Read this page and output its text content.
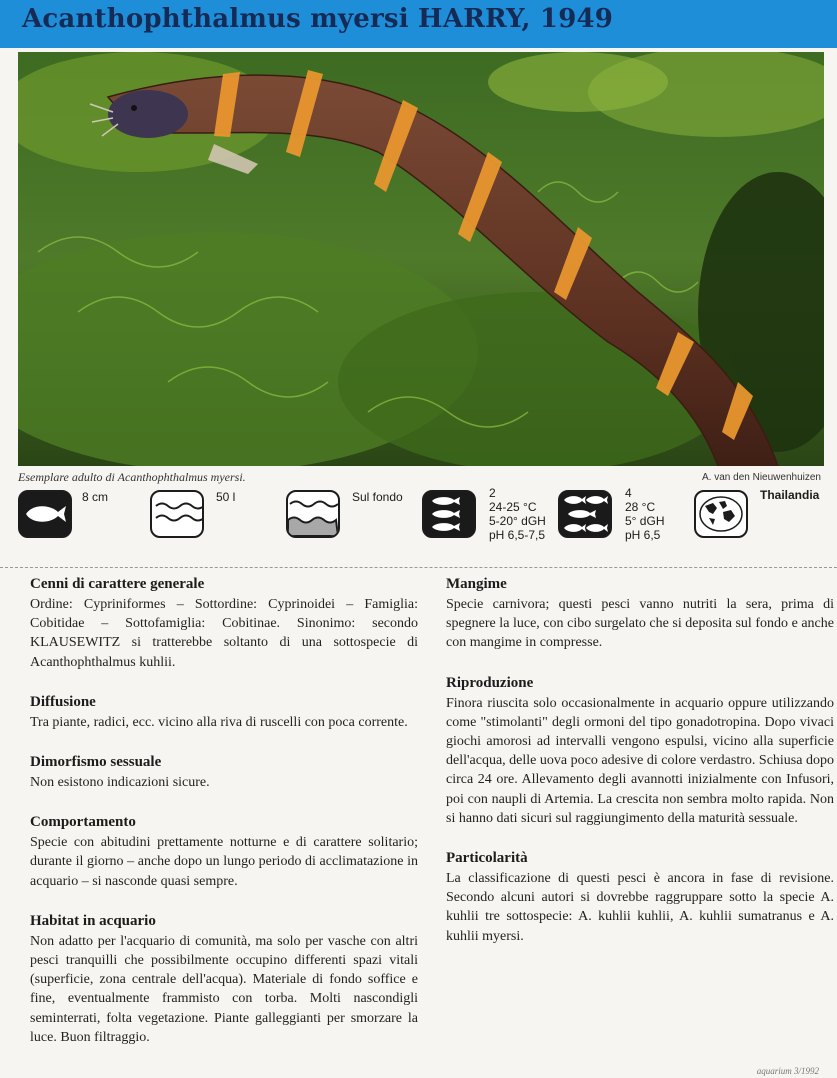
Acanthophthalmus myersi HARRY, 1949
Esemplare adulto di Acanthophthalmus myersi.	A. van den Nieuwenhuizen
8 cm	50 l	Sul fondo	2
24-25 °C
5-20° dGH
pH 6,5-7,5
4
28 °C
5° dGH
pH 6,5
Thailandia
Cenni di carattere generale

Ordine: Cypriniformes – Sottordine: Cyprinoidei – Famiglia: Cobitidae – Sottofamiglia: Cobitinae. Sinonimo: secondo KLAUSEWITZ si tratterebbe soltanto di una sottospecie di Acanthophthalmus kuhlii.

Diffusione

Tra piante, radici, ecc. vicino alla riva di ruscelli con poca corrente.

Dimorfismo sessuale

Non esistono indicazioni sicure.

Comportamento

Specie con abitudini prettamente notturne e di carattere solitario; durante il giorno – anche dopo un lungo periodo di acclimatazione in acquario – si nasconde quasi sempre.

Habitat in acquario

Non adatto per l'acquario di comunità, ma solo per vasche con altri pesci tranquilli che possibilmente occupino differenti spazi vitali (superficie, zona centrale dell'acqua). Materiale di fondo soffice e fine, eventualmente frammisto con torba. Molti nascondigli seminterrati, folta vegetazione. Piante galleggianti per smorzare la luce. Buon filtraggio.

Mangime

Specie carnivora; questi pesci vanno nutriti la sera, prima di spegnere la luce, con cibo surgelato che si deposita sul fondo e anche con mangime in compresse.

Riproduzione

Finora riuscita solo occasionalmente in acquario oppure utilizzando come "stimolanti" degli ormoni del tipo gonadotropina. Dopo vivaci giochi amorosi ad intervalli vengono espulsi, vicino alla superficie dell'acqua, delle uova poco adesive di colore verdastro. Schiusa dopo circa 24 ore. Allevamento degli avannotti inizialmente con Infusori, poi con naupli di Artemia. La crescita non sembra molto rapida. Non si hanno dati sicuri sul raggiungimento della maturità sessuale.

Particolarità

La classificazione di questi pesci è ancora in fase di revisione. Secondo alcuni autori si dovrebbe raggruppare sotto la specie A. kuhlii tre sottospecie: A. kuhlii kuhlii, A. kuhlii sumatranus e A. kuhlii myersi.

aquarium 3/1992
